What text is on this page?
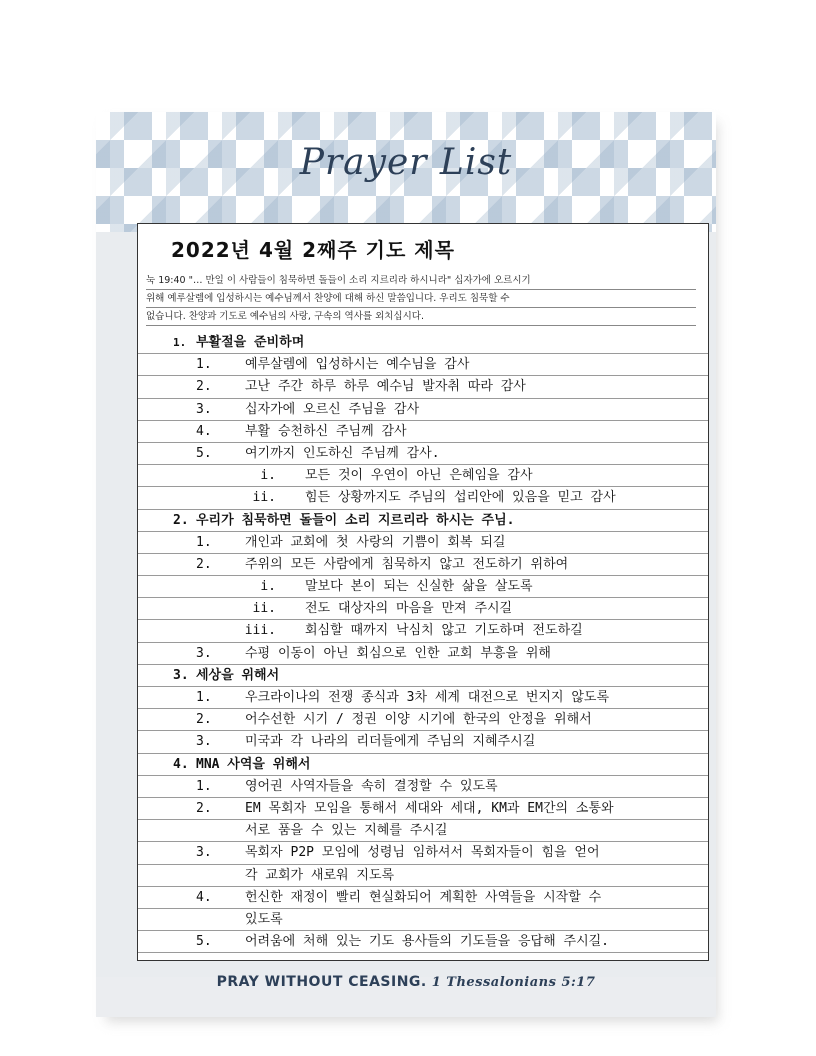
Prayer List
2022년 4월 2째주 기도 제목
눅 19:40 "… 만일 이 사람들이 침묵하면 돌들이 소리 지르리라 하시니라" 십자가에 오르시기
위해 예루살렘에 입성하시는 예수님께서 찬양에 대해 하신 말씀입니다. 우리도 침묵할 수
없습니다. 찬양과 기도로 예수님의 사랑, 구속의 역사를 외치십시다.
1. 부활절을 준비하며
1.	예루살렘에 입성하시는 예수님을 감사
2.	고난 주간 하루 하루 예수님 발자취 따라 감사
3.	십자가에 오르신 주님을 감사
4.	부활 승천하신 주님께 감사
5.	여기까지 인도하신 주님께 감사.
i. 모든 것이 우연이 아닌 은혜임을 감사
ii. 힘든 상황까지도 주님의 섭리안에 있음을 믿고 감사
2. 우리가 침묵하면 돌들이 소리 지르리라 하시는 주님.
1.	개인과 교회에 첫 사랑의 기쁨이 회복 되길
2.	주위의 모든 사람에게 침묵하지 않고 전도하기 위하여
i. 말보다 본이 되는 신실한 삶을 살도록
ii. 전도 대상자의 마음을 만져 주시길
iii. 회심할 때까지 낙심치 않고 기도하며 전도하길
3.	수평 이동이 아닌 회심으로 인한 교회 부흥을 위해
3. 세상을 위해서
1.	우크라이나의 전쟁 종식과 3차 세계 대전으로 번지지 않도록
2.	어수선한 시기 / 정권 이양 시기에 한국의 안정을 위해서
3.	미국과 각 나라의 리더들에게 주님의 지혜주시길
4. MNA 사역을 위해서
1.	영어권 사역자들을 속히 결정할 수 있도록
2.	EM 목회자 모임을 통해서 세대와 세대, KM과 EM간의 소통와
서로 품을 수 있는 지혜를 주시길
3.	목회자 P2P 모임에 성령님 임하셔서 목회자들이 힘을 얻어
각 교회가 새로워 지도록
4.	헌신한 재정이 빨리 현실화되어 계획한 사역들을 시작할 수
있도록
5.	어려움에 처해 있는 기도 용사들의 기도들을 응답해 주시길.
PRAY WITHOUT CEASING. 1 Thessalonians 5:17
